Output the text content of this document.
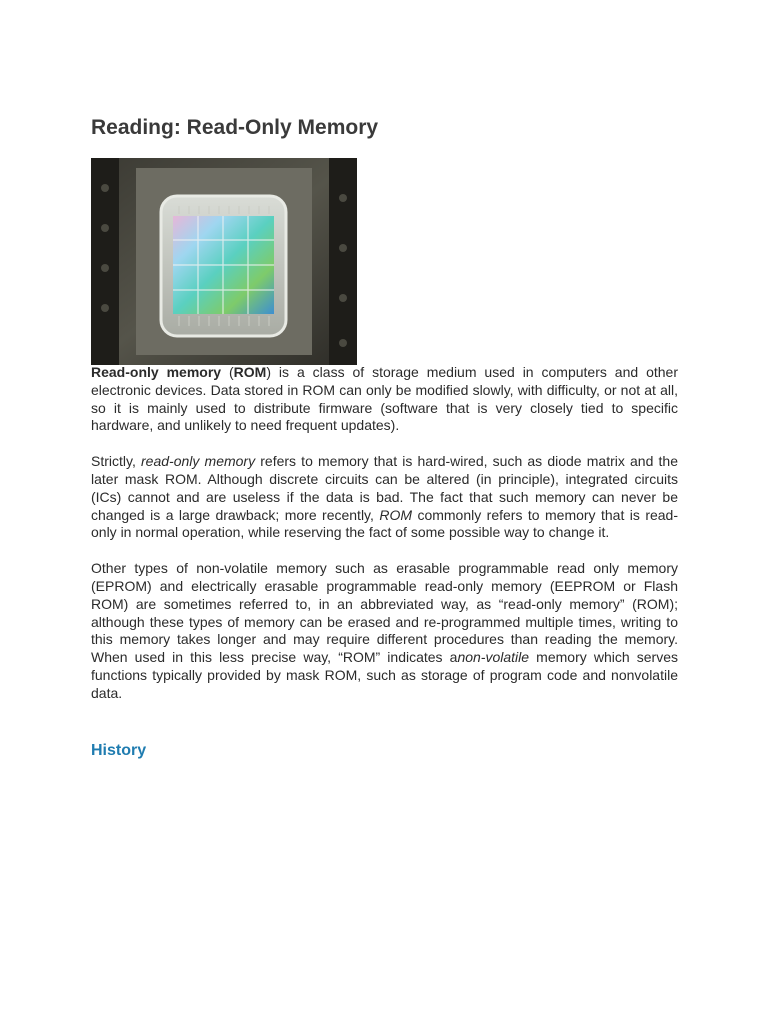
Reading: Read-Only Memory

Read-only memory (ROM) is a class of storage medium used in computers and other electronic devices. Data stored in ROM can only be modified slowly, with difficulty, or not at all, so it is mainly used to distribute firmware (software that is very closely tied to specific hardware, and unlikely to need frequent updates).

Strictly, read-only memory refers to memory that is hard-wired, such as diode matrix and the later mask ROM. Although discrete circuits can be altered (in principle), integrated circuits (ICs) cannot and are useless if the data is bad. The fact that such memory can never be changed is a large drawback; more recently, ROM commonly refers to memory that is read-only in normal operation, while reserving the fact of some possible way to change it.

Other types of non-volatile memory such as erasable programmable read only memory (EPROM) and electrically erasable programmable read-only memory (EEPROM or Flash ROM) are sometimes referred to, in an abbreviated way, as “read-only memory” (ROM); although these types of memory can be erased and re-programmed multiple times, writing to this memory takes longer and may require different procedures than reading the memory. When used in this less precise way, “ROM” indicates anon-volatile memory which serves functions typically provided by mask ROM, such as storage of program code and nonvolatile data.

History
